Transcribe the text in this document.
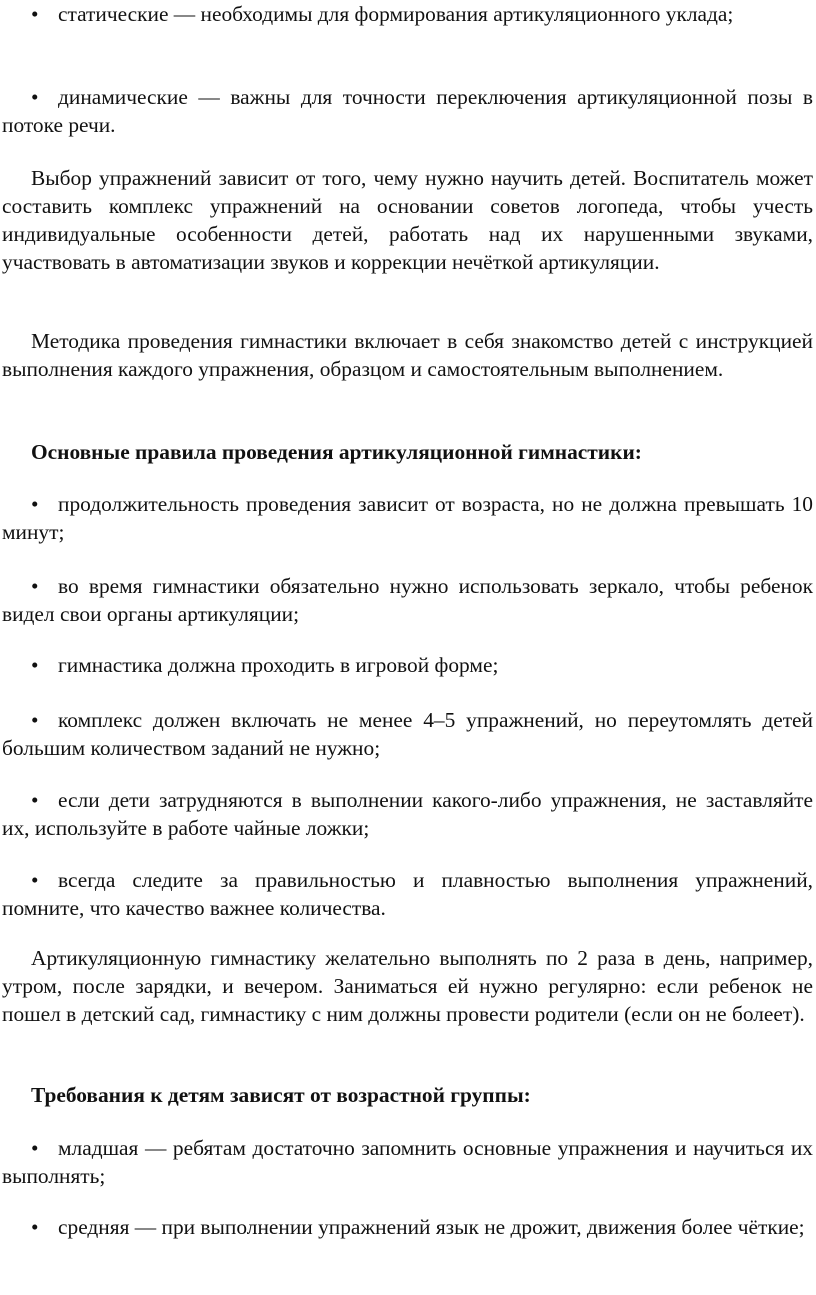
• статические — необходимы для формирования артикуляционного уклада;

• динамические — важны для точности переключения артикуляционной позы в потоке речи.

Выбор упражнений зависит от того, чему нужно научить детей. Воспитатель может составить комплекс упражнений на основании советов логопеда, чтобы учесть индивидуальные особенности детей, работать над их нарушенными звуками, участвовать в автоматизации звуков и коррекции нечёткой артикуляции.

Методика проведения гимнастики включает в себя знакомство детей с инструкцией выполнения каждого упражнения, образцом и самостоятельным выполнением.

Основные правила проведения артикуляционной гимнастики:

• продолжительность проведения зависит от возраста, но не должна превышать 10 минут;

• во время гимнастики обязательно нужно использовать зеркало, чтобы ребенок видел свои органы артикуляции;

• гимнастика должна проходить в игровой форме;

• комплекс должен включать не менее 4–5 упражнений, но переутомлять детей большим количеством заданий не нужно;

• если дети затрудняются в выполнении какого-либо упражнения, не заставляйте их, используйте в работе чайные ложки;

• всегда следите за правильностью и плавностью выполнения упражнений, помните, что качество важнее количества.

Артикуляционную гимнастику желательно выполнять по 2 раза в день, например, утром, после зарядки, и вечером. Заниматься ей нужно регулярно: если ребенок не пошел в детский сад, гимнастику с ним должны провести родители (если он не болеет).

Требования к детям зависят от возрастной группы:

• младшая — ребятам достаточно запомнить основные упражнения и научиться их выполнять;

• средняя — при выполнении упражнений язык не дрожит, движения более чёткие;
